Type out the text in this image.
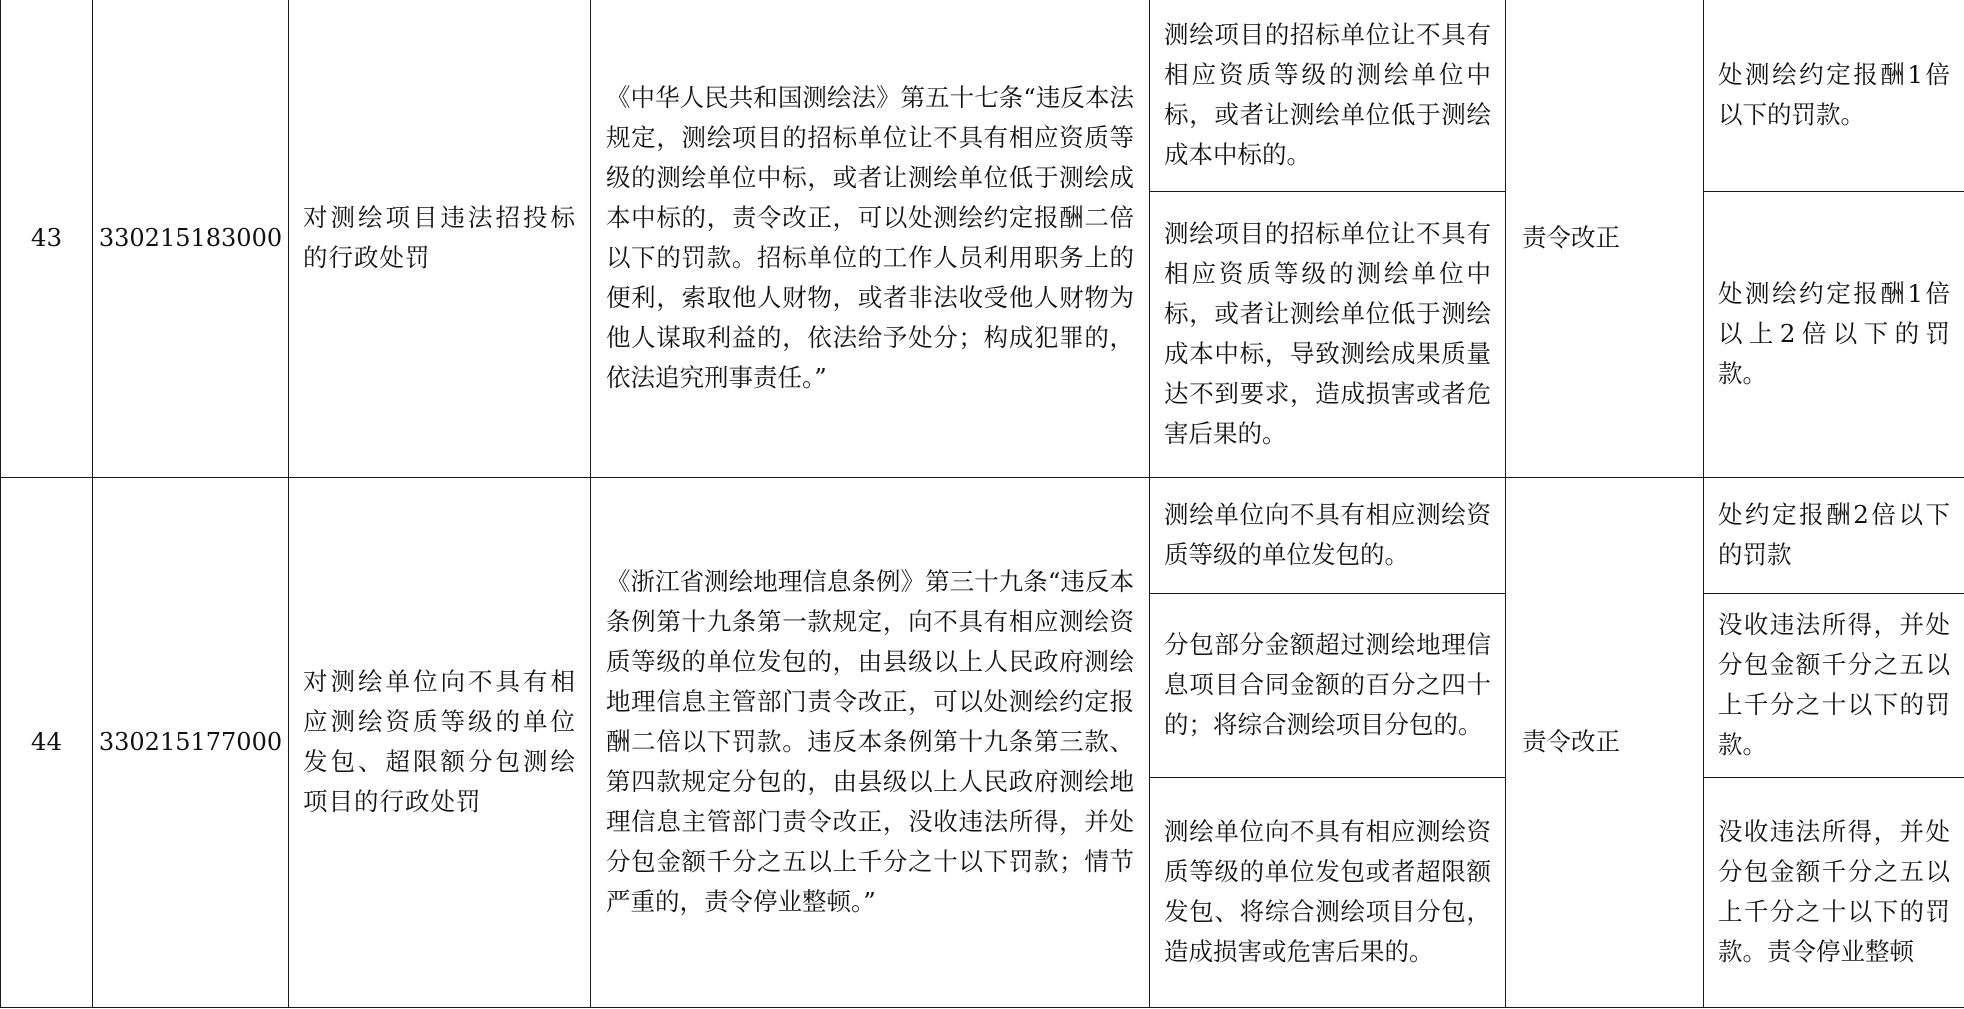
43	330215183000	对测绘项目违法招投标的行政处罚	《中华人民共和国测绘法》第五十七条“违反本法规定，测绘项目的招标单位让不具有相应资质等级的测绘单位中标，或者让测绘单位低于测绘成本中标的，责令改正，可以处测绘约定报酬二倍以下的罚款。招标单位的工作人员利用职务上的便利，索取他人财物，或者非法收受他人财物为他人谋取利益的，依法给予处分；构成犯罪的，依法追究刑事责任。”	测绘项目的招标单位让不具有相应资质等级的测绘单位中标，或者让测绘单位低于测绘成本中标的。	责令改正	处测绘约定报酬1倍以下的罚款。
				测绘项目的招标单位让不具有相应资质等级的测绘单位中标，或者让测绘单位低于测绘成本中标，导致测绘成果质量达不到要求，造成损害或者危害后果的。		处测绘约定报酬1倍以上2倍以下的罚款。
44	330215177000	对测绘单位向不具有相应测绘资质等级的单位发包、超限额分包测绘项目的行政处罚	《浙江省测绘地理信息条例》第三十九条“违反本条例第十九条第一款规定，向不具有相应测绘资质等级的单位发包的，由县级以上人民政府测绘地理信息主管部门责令改正，可以处测绘约定报酬二倍以下罚款。违反本条例第十九条第三款、第四款规定分包的，由县级以上人民政府测绘地理信息主管部门责令改正，没收违法所得，并处分包金额千分之五以上千分之十以下罚款；情节严重的，责令停业整顿。”	测绘单位向不具有相应测绘资质等级的单位发包的。	责令改正	处约定报酬2倍以下的罚款
				分包部分金额超过测绘地理信息项目合同金额的百分之四十的；将综合测绘项目分包的。		没收违法所得，并处分包金额千分之五以上千分之十以下的罚款。
				测绘单位向不具有相应测绘资质等级的单位发包或者超限额发包、将综合测绘项目分包，造成损害或危害后果的。		没收违法所得，并处分包金额千分之五以上千分之十以下的罚款。责令停业整顿
